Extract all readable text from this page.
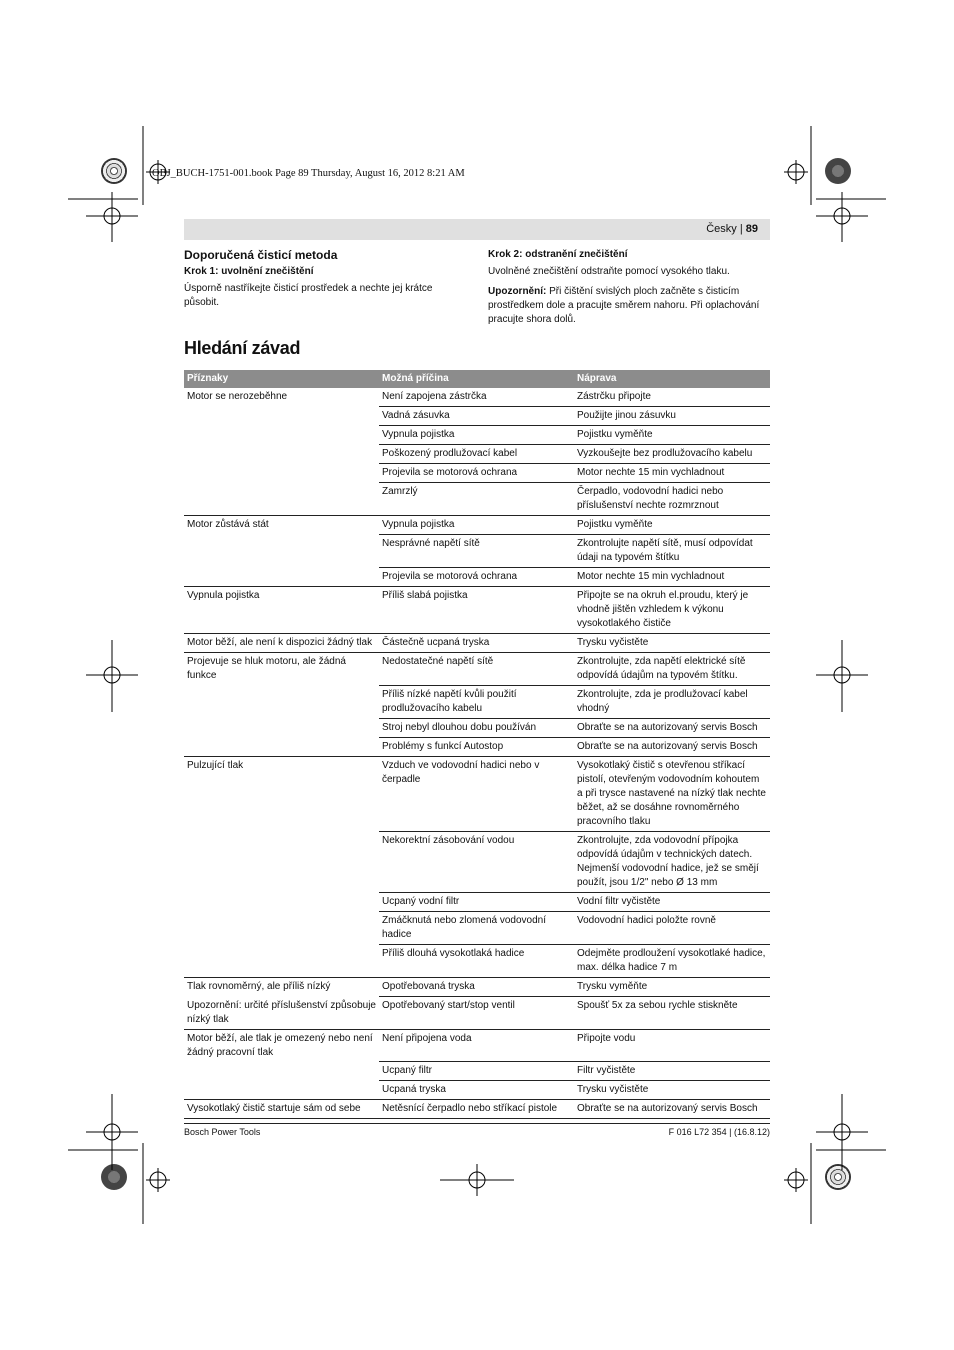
OBJ_BUCH-1751-001.book Page 89 Thursday, August 16, 2012 8:21 AM
Česky | 89
Doporučená čisticí metoda

Krok 1: uvolnění znečištění

Úsporně nastříkejte čisticí prostředek a nechte jej krátce působit.

Krok 2: odstranění znečištění

Uvolněné znečištění odstraňte pomocí vysokého tlaku.

Upozornění: Při čištění svislých ploch začněte s čisticím prostředkem dole a pracujte směrem nahoru. Při oplachování pracujte shora dolů.

Hledání závad
Příznaky	Možná příčina	Náprava
Motor se nerozeběhne	Není zapojena zástrčka	Zástrčku připojte
	Vadná zásuvka	Použijte jinou zásuvku
	Vypnula pojistka	Pojistku vyměňte
	Poškozený prodlužovací kabel	Vyzkoušejte bez prodlužovacího kabelu
	Projevila se motorová ochrana	Motor nechte 15 min vychladnout
	Zamrzlý	Čerpadlo, vodovodní hadici nebo příslušenství nechte rozmrznout
Motor zůstává stát	Vypnula pojistka	Pojistku vyměňte
	Nesprávné napětí sítě	Zkontrolujte napětí sítě, musí odpovídat údaji na typovém štítku
	Projevila se motorová ochrana	Motor nechte 15 min vychladnout
Vypnula pojistka	Příliš slabá pojistka	Připojte se na okruh el.proudu, který je vhodně jištěn vzhledem k výkonu vysokotlakého čističe
Motor běží, ale není k dispozici žádný tlak	Částečně ucpaná tryska	Trysku vyčistěte
Projevuje se hluk motoru, ale žádná funkce	Nedostatečné napětí sítě	Zkontrolujte, zda napětí elektrické sítě odpovídá údajům na typovém štítku.
	Příliš nízké napětí kvůli použití prodlužovacího kabelu	Zkontrolujte, zda je prodlužovací kabel vhodný
	Stroj nebyl dlouhou dobu používán	Obraťte se na autorizovaný servis Bosch
	Problémy s funkcí Autostop	Obraťte se na autorizovaný servis Bosch
Pulzující tlak	Vzduch ve vodovodní hadici nebo v čerpadle	Vysokotlaký čistič s otevřenou stříkací pistolí, otevřeným vodovodním kohoutem a při trysce nastavené na nízký tlak nechte běžet, až se dosáhne rovnoměrného pracovního tlaku
	Nekorektní zásobování vodou	Zkontrolujte, zda vodovodní přípojka odpovídá údajům v technických datech. Nejmenší vodovodní hadice, jež se smějí použít, jsou 1/2" nebo Ø 13 mm
	Ucpaný vodní filtr	Vodní filtr vyčistěte
	Zmáčknutá nebo zlomená vodovodní hadice	Vodovodní hadici položte rovně
	Příliš dlouhá vysokotlaká hadice	Odejměte prodloužení vysokotlaké hadice, max. délka hadice 7 m
Tlak rovnoměrný, ale příliš nízký	Opotřebovaná tryska	Trysku vyměňte
Upozornění: určité příslušenství způsobuje nízký tlak	Opotřebovaný start/stop ventil	Spoušť 5x za sebou rychle stiskněte
Motor běží, ale tlak je omezený nebo není žádný pracovní tlak	Není připojena voda	Připojte vodu
	Ucpaný filtr	Filtr vyčistěte
	Ucpaná tryska	Trysku vyčistěte
Vysokotlaký čistič startuje sám od sebe	Netěsnící čerpadlo nebo stříkací pistole	Obraťte se na autorizovaný servis Bosch
Bosch Power Tools	F 016 L72 354 | (16.8.12)
